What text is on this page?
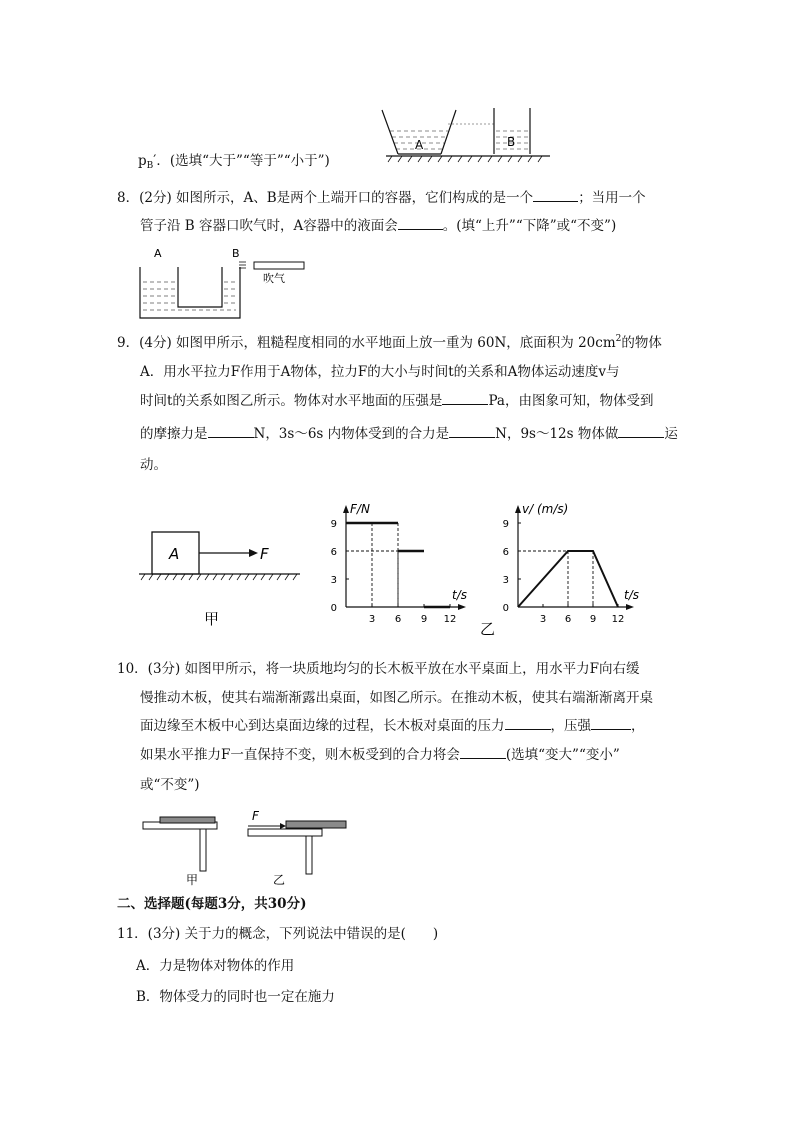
$p_B'$．(选填“大于”“等于”“小于”)
A	B
8．(2分) 如图所示，A、B是两个上端开口的容器，它们构成的是一个	；当用一个
管子沿 B 容器口吹气时，A容器中的液面会	。(填“上升”“下降”或“不变”)
A	B
吹气
9．(4分) 如图甲所示，粗糙程度相同的水平地面上放一重为 60N，底面积为 $20cm^2$的物体
A．用水平拉力F作用于A物体，拉力F的大小与时间t的关系和A物体运动速度v与
时间t的关系如图乙所示。物体对水平地面的压强是	Pa，由图象可知，物体受到
的摩擦力是	N，3s～6s 内物体受到的合力是	N，9s～12s 物体做	运
动。
A	F
甲
0
3
6
9
3 6 9 12
F/N
t/s
乙
0
3
6
9
3 6 9 12
v/ (m/s)
t/s
10．(3分) 如图甲所示，将一块质地均匀的长木板平放在水平桌面上，用水平力F向右缓
慢推动木板，使其右端渐渐露出桌面，如图乙所示。在推动木板，使其右端渐渐离开桌
面边缘至木板中心到达桌面边缘的过程，长木板对桌面的压力	，压强	，
如果水平推力F一直保持不变，则木板受到的合力将会	(选填“变大”“变小”
或“不变”)
甲
F
乙
二、选择题(每题3分，共30分)
11．(3分) 关于力的概念，下列说法中错误的是(　　)
A．力是物体对物体的作用
B．物体受力的同时也一定在施力
